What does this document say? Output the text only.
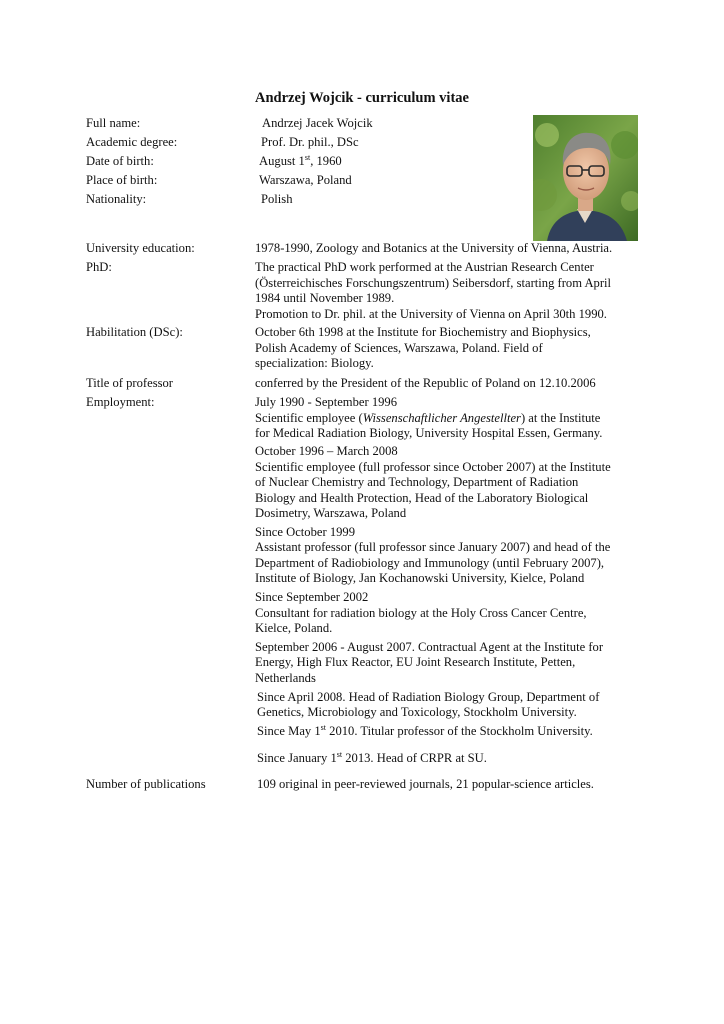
Andrzej Wojcik - curriculum vitae
Full name:	Andrzej Jacek Wojcik
Academic degree:	Prof. Dr. phil., DSc
Date of birth:	August 1st, 1960
Place of birth:	Warszawa, Poland
Nationality:	Polish
University education:	1978-1990, Zoology and Botanics at the University of Vienna, Austria.
PhD:	The practical PhD work performed at the Austrian Research Center
(Österreichisches Forschungszentrum) Seibersdorf, starting from April
1984 until November 1989.
Promotion to Dr. phil. at the University of Vienna on April 30th 1990.
Habilitation (DSc):	October 6th 1998 at the Institute for Biochemistry and Biophysics,
Polish Academy of Sciences, Warszawa, Poland. Field of
specialization: Biology.
Title of professor	conferred by the President of the Republic of Poland on 12.10.2006
Employment:	July 1990 - September 1996
Scientific employee (Wissenschaftlicher Angestellter) at the Institute
for Medical Radiation Biology, University Hospital Essen, Germany.
October 1996 – March 2008
Scientific employee (full professor since October 2007) at the Institute
of Nuclear Chemistry and Technology, Department of Radiation
Biology and Health Protection, Head of the Laboratory Biological
Dosimetry, Warszawa, Poland
Since October 1999
Assistant professor (full professor since January 2007) and head of the
Department of Radiobiology and Immunology (until February 2007),
Institute of Biology, Jan Kochanowski University, Kielce, Poland
Since September 2002
Consultant for radiation biology at the Holy Cross Cancer Centre,
Kielce, Poland.
September 2006 - August 2007. Contractual Agent at the Institute for
Energy, High Flux Reactor, EU Joint Research Institute, Petten,
Netherlands
Since April 2008. Head of Radiation Biology Group, Department of
Genetics, Microbiology and Toxicology, Stockholm University.
Since May 1st 2010. Titular professor of the Stockholm University.
Since January 1st 2013. Head of CRPR at SU.
Number of publications	109 original in peer-reviewed journals, 21 popular-science articles.
